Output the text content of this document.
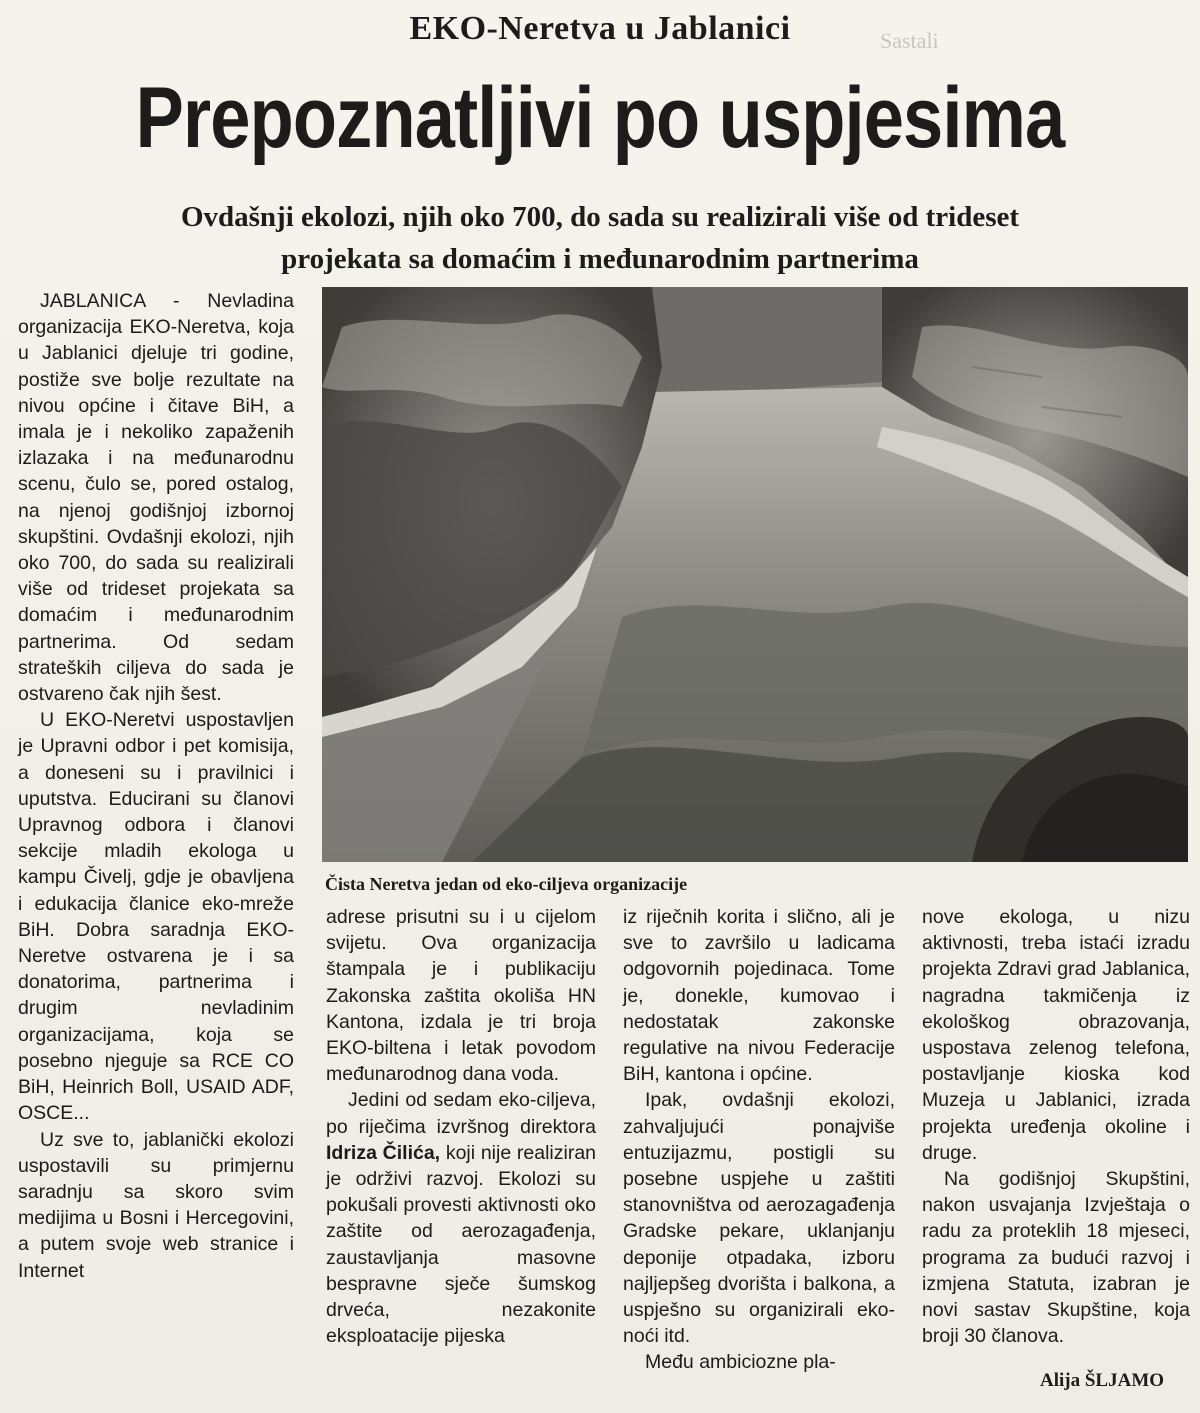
Sastali
EKO-Neretva u Jablanici
Prepoznatljivi po uspjesima
Ovdašnji ekolozi, njih oko 700, do sada su realizirali više od trideset
projekata sa domaćim i međunarodnim partnerima
Čista Neretva jedan od eko-ciljeva organizacije

JABLANICA - Nevladina organizacija EKO-Neretva, koja u Jablanici djeluje tri godine, postiže sve bolje rezultate na nivou općine i čitave BiH, a imala je i nekoliko zapaženih izlazaka i na međunarodnu scenu, čulo se, pored ostalog, na njenoj godišnjoj izbornoj skupštini. Ovdašnji ekolozi, njih oko 700, do sada su realizirali više od trideset projekata sa domaćim i međunarodnim partnerima. Od sedam strateških ciljeva do sada je ostvareno čak njih šest.

U EKO-Neretvi uspostavljen je Upravni odbor i pet komisija, a doneseni su i pravilnici i uputstva. Educirani su članovi Upravnog odbora i članovi sekcije mladih ekologa u kampu Čivelj, gdje je obavljena i edukacija članice eko-mreže BiH. Dobra saradnja EKO-Neretve ostvarena je i sa donatorima, partnerima i drugim nevladinim organizacijama, koja se posebno njeguje sa RCE CO BiH, Heinrich Boll, USAID ADF, OSCE...

Uz sve to, jablanički ekolozi uspostavili su primjernu saradnju sa skoro svim medijima u Bosni i Hercegovini, a putem svoje web stranice i Internet

adrese prisutni su i u cijelom svijetu. Ova organizacija štampala je i publikaciju Zakonska zaštita okoliša HN Kantona, izdala je tri broja EKO-biltena i letak povodom međunarodnog dana voda.

Jedini od sedam eko-ciljeva, po riječima izvršnog direktora Idriza Čilića, koji nije realiziran je održivi razvoj. Ekolozi su pokušali provesti aktivnosti oko zaštite od aerozagađenja, zaustavljanja masovne bespravne sječe šumskog drveća, nezakonite eksploatacije pijeska

iz riječnih korita i slično, ali je sve to završilo u ladicama odgovornih pojedinaca. Tome je, donekle, kumovao i nedostatak zakonske regulative na nivou Federacije BiH, kantona i općine.

Ipak, ovdašnji ekolozi, zahvaljujući ponajviše entuzijazmu, postigli su posebne uspjehe u zaštiti stanovništva od aerozagađenja Gradske pekare, uklanjanju deponije otpadaka, izboru najljepšeg dvorišta i balkona, a uspješno su organizirali eko-noći itd.

Među ambiciozne pla-

nove ekologa, u nizu aktivnosti, treba istaći izradu projekta Zdravi grad Jablanica, nagradna takmičenja iz ekološkog obrazovanja, uspostava zelenog telefona, postavljanje kioska kod Muzeja u Jablanici, izrada projekta uređenja okoline i druge.

Na godišnjoj Skupštini, nakon usvajanja Izvještaja o radu za proteklih 18 mjeseci, programa za budući razvoj i izmjena Statuta, izabran je novi sastav Skupštine, koja broji 30 članova.

Alija ŠLJAMO
